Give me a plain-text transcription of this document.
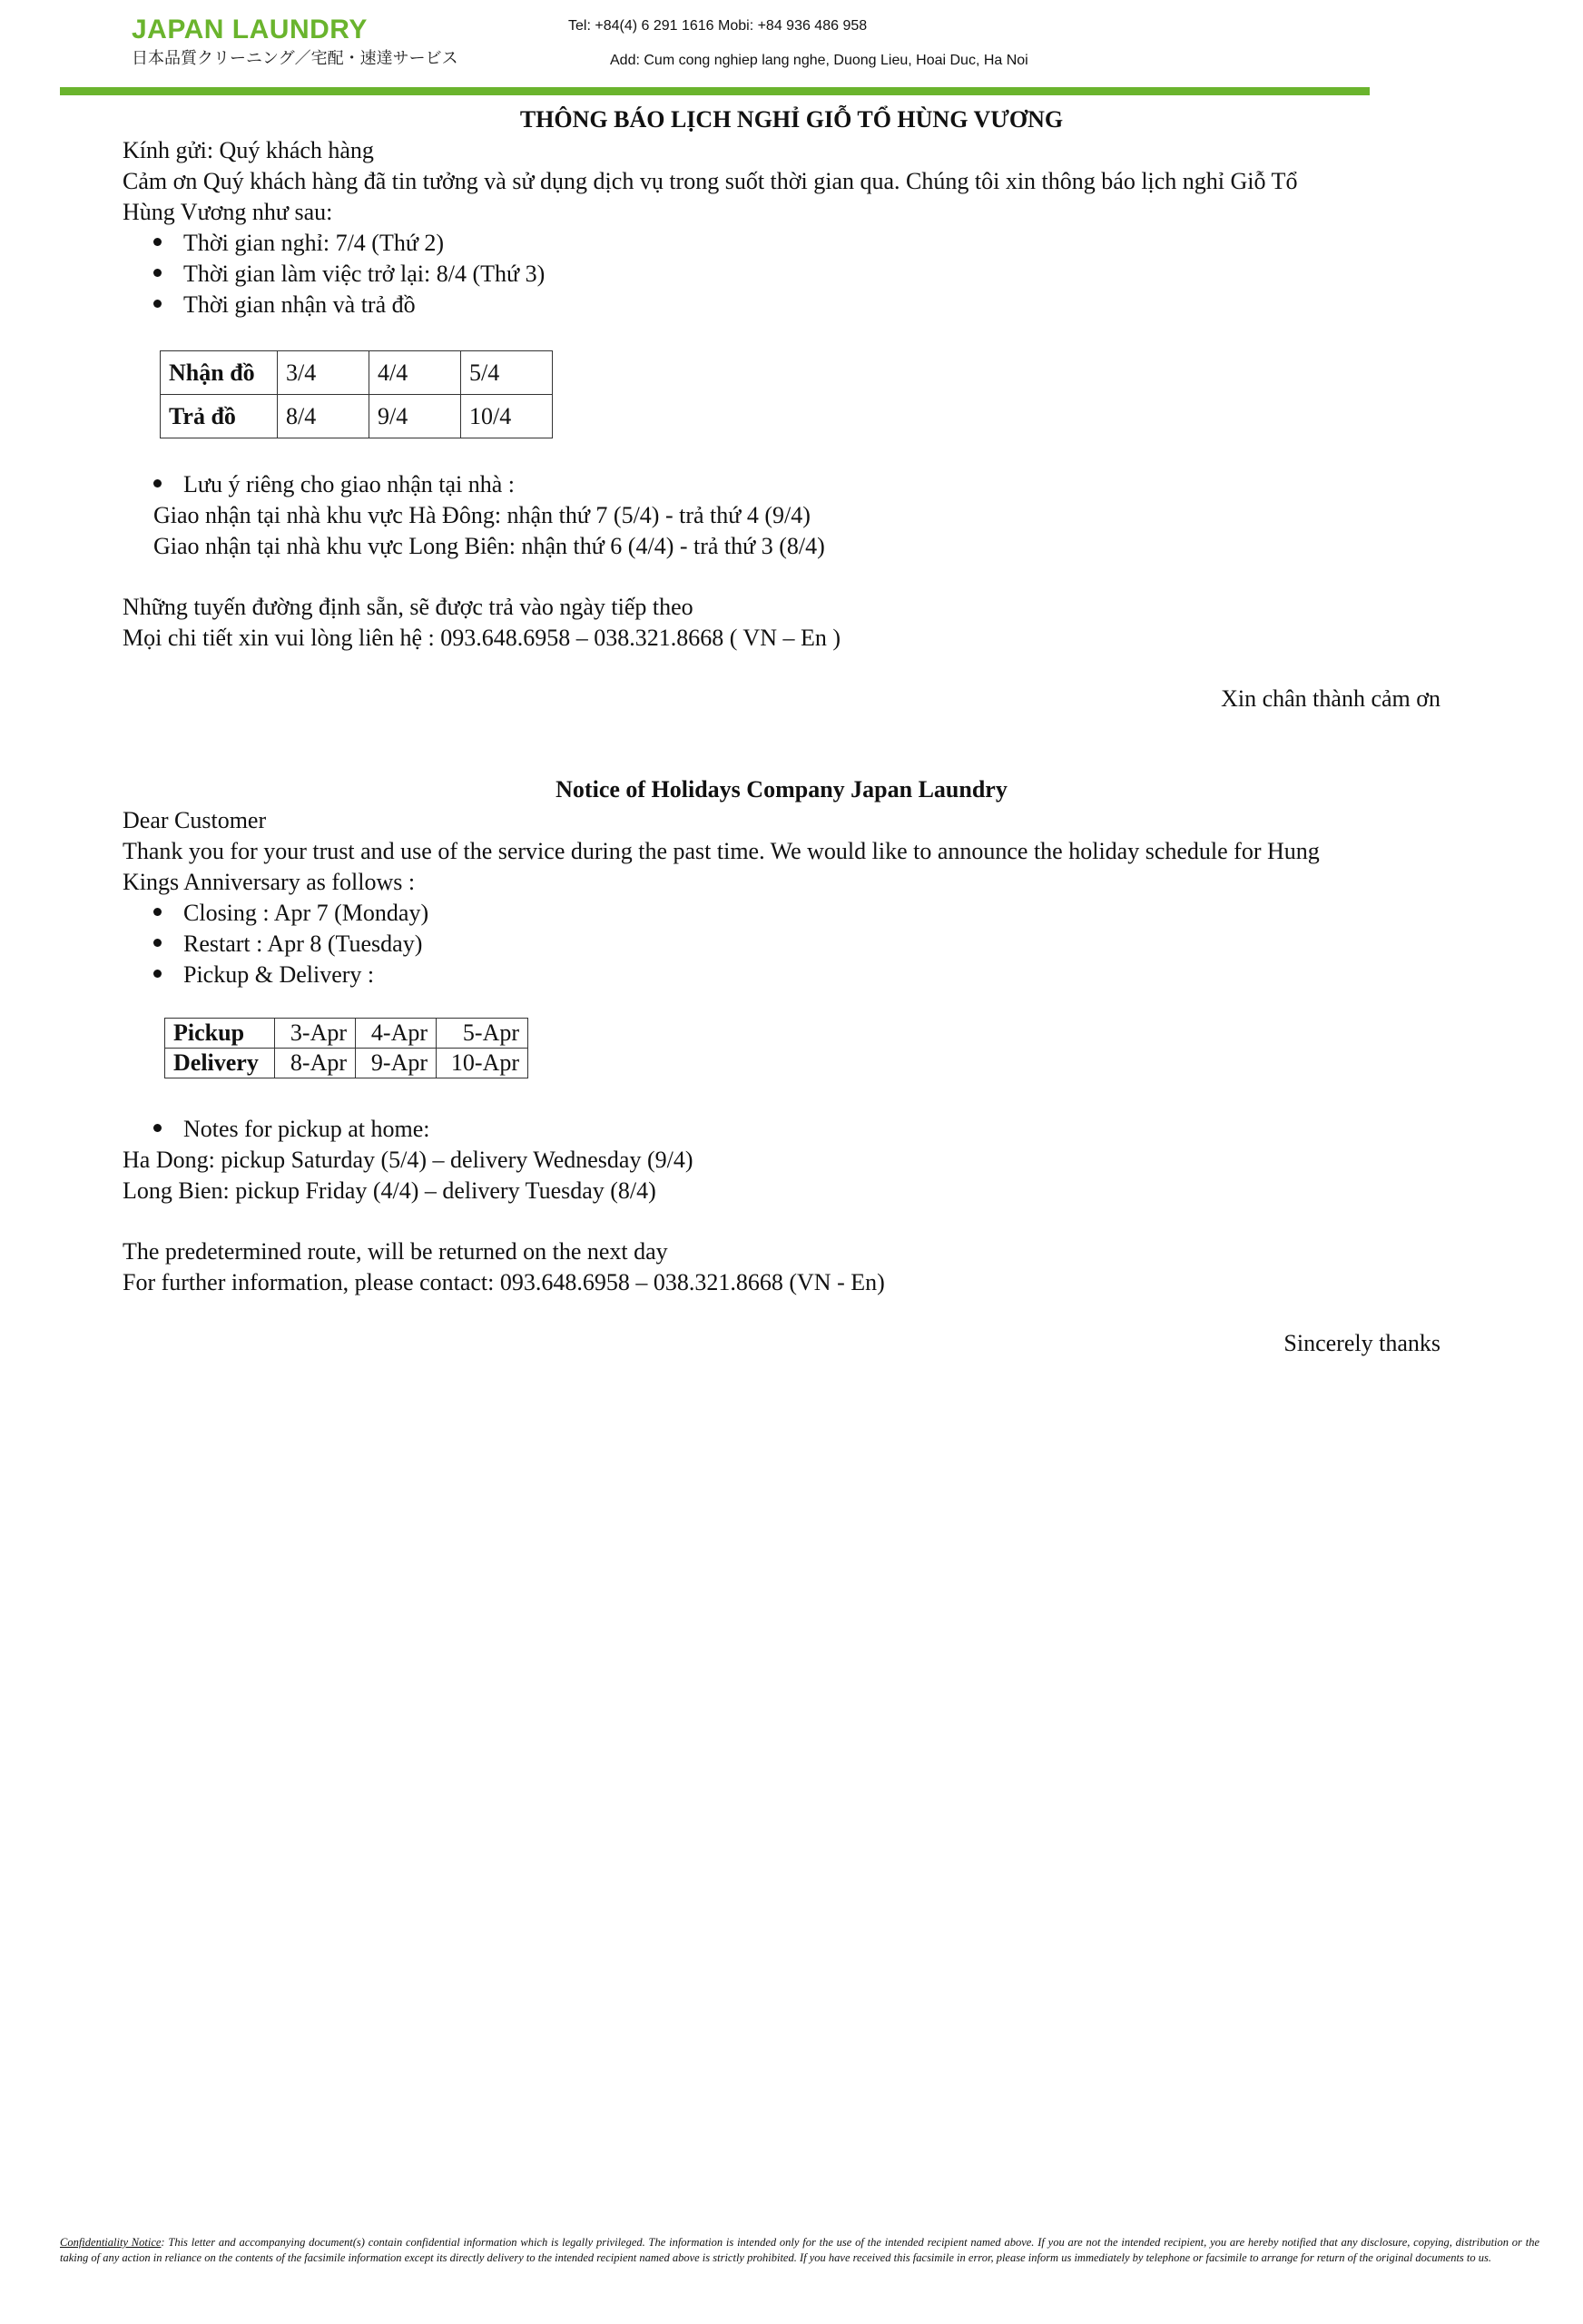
JAPAN LAUNDRY
日本品質クリーニング／宅配・速達サービス
Tel: +84(4) 6 291 1616 Mobi: +84 936 486 958
Add: Cum cong nghiep lang nghe, Duong Lieu, Hoai Duc, Ha Noi
THÔNG BÁO LỊCH NGHỈ GIỖ TỔ HÙNG VƯƠNG
Kính gửi: Quý khách hàng
Cảm ơn Quý khách hàng đã tin tưởng và sử dụng dịch vụ trong suốt thời gian qua. Chúng tôi xin thông báo lịch nghỉ Giỗ Tổ
Hùng Vương như sau:
Thời gian nghỉ: 7/4 (Thứ 2)
Thời gian làm việc trở lại: 8/4 (Thứ 3)
Thời gian nhận và trả đồ
Nhận đồ	3/4	4/4	5/4
Trả đồ	8/4	9/4	10/4
Lưu ý riêng cho giao nhận tại nhà :
Giao nhận tại nhà khu vực Hà Đông: nhận thứ 7 (5/4) - trả thứ 4 (9/4)
Giao nhận tại nhà khu vực Long Biên: nhận thứ 6 (4/4) - trả thứ 3 (8/4)
Những tuyến đường định sẵn, sẽ được trả vào ngày tiếp theo
Mọi chi tiết xin vui lòng liên hệ : 093.648.6958 – 038.321.8668 ( VN – En )
Xin chân thành cảm ơn
Notice of Holidays Company Japan Laundry
Dear Customer
Thank you for your trust and use of the service during the past time. We would like to announce the holiday schedule for Hung
Kings Anniversary as follows :
Closing : Apr 7 (Monday)
Restart : Apr 8 (Tuesday)
Pickup & Delivery :
Pickup	3-Apr	4-Apr	5-Apr
Delivery	8-Apr	9-Apr	10-Apr
Notes for pickup at home:
Ha Dong: pickup Saturday (5/4) – delivery Wednesday (9/4)
Long Bien: pickup Friday (4/4) – delivery Tuesday (8/4)
The predetermined route, will be returned on the next day
For further information, please contact: 093.648.6958 – 038.321.8668 (VN - En)
Sincerely thanks
Confidentiality Notice: This letter and accompanying document(s) contain confidential information which is legally privileged. The information is intended only for the use of the intended recipient named above. If you are not the intended recipient, you are hereby notified that any disclosure, copying, distribution or the taking of any action in reliance on the contents of the facsimile information except its directly delivery to the intended recipient named above is strictly prohibited. If you have received this facsimile in error, please inform us immediately by telephone or facsimile to arrange for return of the original documents to us.
